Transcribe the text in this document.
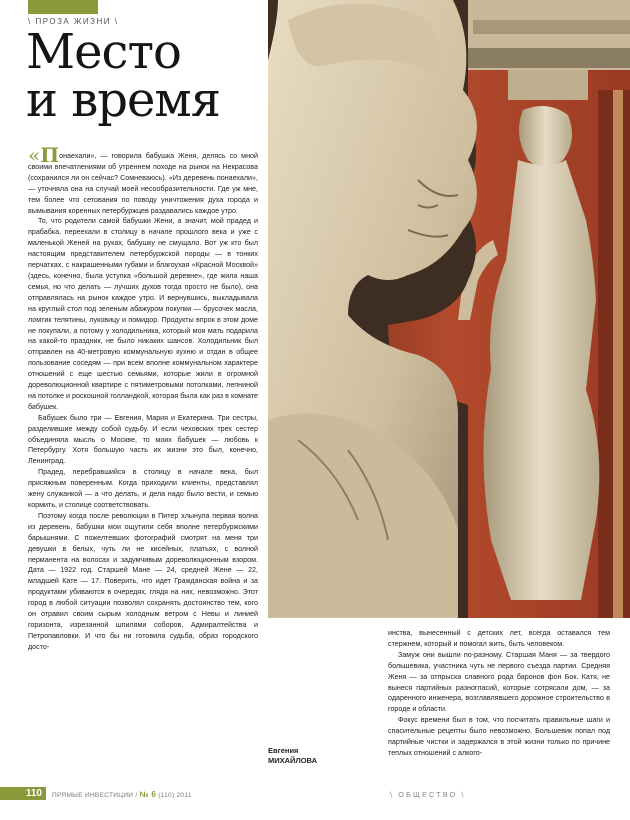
\ ПРОЗА ЖИЗНИ \
Место
и время

«Понаехали», — говорила бабушка Женя, делясь со мной своими впечатлениями об утреннем походе на рынок на Некрасова (сохранился ли он сейчас? Сомневаюсь). «Из деревень понаехали», — уточняла она на случай моей несообразительности. Где уж мне, тем более что сетования по поводу уничтожения духа города и вымывания коренных петербуржцев раздавались каждое утро.

То, что родители самой бабушки Жени, а значит, мой прадед и прабабка, переехали в столицу в начале прошлого века и уже с маленькой Женей на руках, бабушку не смущало. Вот уж кто был настоящим представителем петербуржской породы — в тонких перчатках, с накрашенными губами и благоухая «Красной Москвой» (здесь, конечно, была уступка «большой деревне», где жила наша семья, но что делать — лучших духов тогда просто не было), она отправлялась на рынок каждое утро. И вернувшись, выкладывала на круглый стол под зеленым абажуром покупки — брусочек масла, ломтик телятины, луковицу и помидор. Продукты впрок в этом доме не покупали, а потому у холодильника, который моя мать подарила на какой-то праздник, не было никаких шансов. Холодильник был отправлен на 40-метровую коммунальную кухню и отдан в общее пользование соседям — при всем вполне коммунальном характере отношений с еще шестью семьями, которые жили в огромной дореволюционной квартире с пятиметровыми потолками, лепниной на потолке и роскошной голландкой, которая была как раз в комнате бабушек.

Бабушек было три — Евгения, Мария и Екатерина. Три сестры, разделившие между собой судьбу. И если чеховских трех сестер объединяла мысль о Москве, то моих бабушек — любовь к Петербургу. Хотя большую часть их жизни это был, конечно, Ленинград.

Прадед, перебравшийся в столицу в начале века, был присяжным поверенным. Когда приходили клиенты, представлял жену служанкой — а что делать, и дела надо было вести, и семью кормить, и столице соответствовать.

Поэтому когда после революции в Питер хлынула первая волна из деревень, бабушки мои ощутили себя вполне петербуржскими барышнями. С пожелтевших фотографий смотрят на меня три девушки в белых, чуть ли не кисейных, платьях, с волной перманента на волосах и задумчивым дореволюционным взором. Дата — 1922 год. Старшей Мане — 24, средней Жене — 22, младшей Кате — 17. Поверить, что идет Гражданская война и за продуктами убиваются в очередях, глядя на них, невозможно. Этот город в любой ситуации позволял сохранять достоинство тем, кого он отравил своим сырым холодным ветром с Невы и линией горизонта, изрезанной шпилями соборов, Адмиралтейства и Петропавловки. И что бы ни готовила судьба, образ городского досто-

Евгения
МИХАЙЛОВА

инства, вынесенный с детских лет, всегда оставался тем стержнем, который и помогал жить, быть человеком.

Замуж они вышли по-разному. Старшая Маня — за твердого большевика, участника чуть не первого съезда партии. Средняя Женя — за отпрыска славного рода баронов фон Бок. Катя, не вынеся партийных разногласий, которые сотрясали дом, — за одаренного инженера, возглавлявшего дорожное строительство в городе и области.

Фокус времени был в том, что посчитать правильные шаги и спасительные рецепты было невозможно. Большевик попал под партийные чистки и задержался в этой жизни только по причине теплых отношений с алкого-

110	ПРЯМЫЕ ИНВЕСТИЦИИ / № 6 (110) 2011	\ ОБЩЕСТВО \
